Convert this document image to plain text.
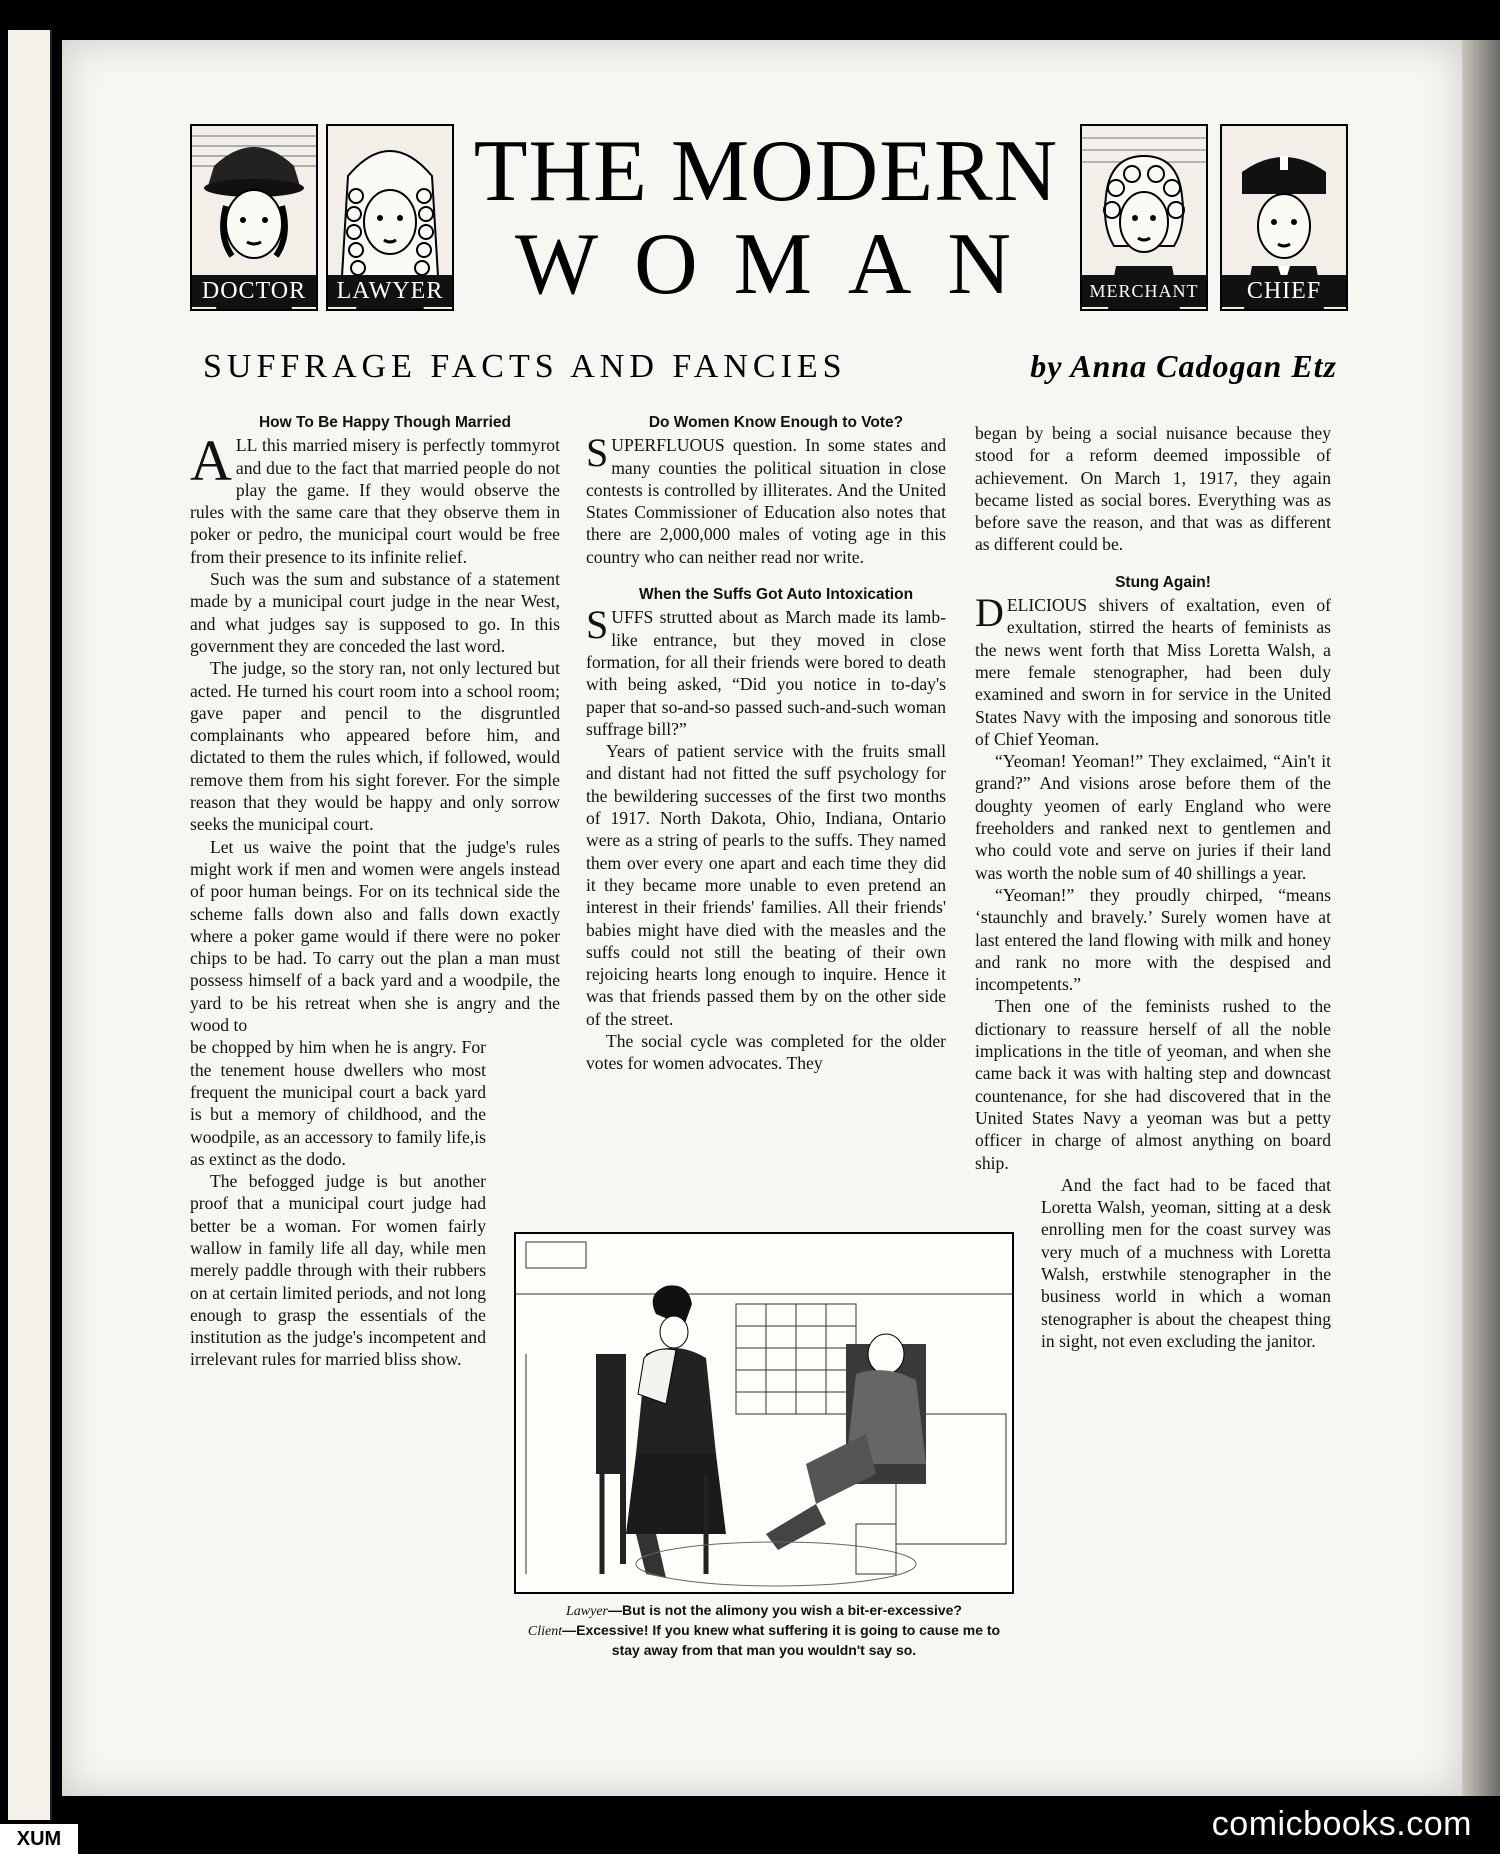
DOCTOR	LAWYER
THE MODERN
WOMAN	MERCHANT	CHIEF
SUFFRAGE FACTS AND FANCIES	by Anna Cadogan Etz

How To Be Happy Though Married

ALL this married misery is perfectly tommyrot and due to the fact that married people do not play the game. If they would observe the rules with the same care that they observe them in poker or pedro, the municipal court would be free from their presence to its infinite relief.

Such was the sum and substance of a statement made by a municipal court judge in the near West, and what judges say is supposed to go. In this government they are conceded the last word.

The judge, so the story ran, not only lectured but acted. He turned his court room into a school room; gave paper and pencil to the disgruntled complainants who appeared before him, and dictated to them the rules which, if followed, would remove them from his sight forever. For the simple reason that they would be happy and only sorrow seeks the municipal court.

Let us waive the point that the judge's rules might work if men and women were angels instead of poor human beings. For on its technical side the scheme falls down also and falls down exactly where a poker game would if there were no poker chips to be had. To carry out the plan a man must possess himself of a back yard and a woodpile, the yard to be his retreat when she is angry and the wood to

be chopped by him when he is angry. For the tenement house dwellers who most frequent the municipal court a back yard is but a memory of childhood, and the woodpile, as an accessory to family life,is as extinct as the dodo.

The befogged judge is but another proof that a municipal court judge had better be a woman. For women fairly wallow in family life all day, while men merely paddle through with their rubbers on at certain limited periods, and not long enough to grasp the essentials of the institution as the judge's incompetent and irrelevant rules for married bliss show.

Do Women Know Enough to Vote?

SUPERFLUOUS question. In some states and many counties the political situation in close contests is controlled by illiterates. And the United States Commissioner of Education also notes that there are 2,000,000 males of voting age in this country who can neither read nor write.

When the Suffs Got Auto Intoxication

SUFFS strutted about as March made its lamb-like entrance, but they moved in close formation, for all their friends were bored to death with being asked, “Did you notice in to-day's paper that so-and-so passed such-and-such woman suffrage bill?”

Years of patient service with the fruits small and distant had not fitted the suff psychology for the bewildering successes of the first two months of 1917. North Dakota, Ohio, Indiana, Ontario were as a string of pearls to the suffs. They named them over every one apart and each time they did it they became more unable to even pretend an interest in their friends' families. All their friends' babies might have died with the measles and the suffs could not still the beating of their own rejoicing hearts long enough to inquire. Hence it was that friends passed them by on the other side of the street.

The social cycle was completed for the older votes for women advocates. They

began by being a social nuisance because they stood for a reform deemed impossible of achievement. On March 1, 1917, they again became listed as social bores. Everything was as before save the reason, and that was as different as different could be.

Stung Again!

DELICIOUS shivers of exaltation, even of exultation, stirred the hearts of feminists as the news went forth that Miss Loretta Walsh, a mere female stenographer, had been duly examined and sworn in for service in the United States Navy with the imposing and sonorous title of Chief Yeoman.

“Yeoman! Yeoman!” They exclaimed, “Ain't it grand?” And visions arose before them of the doughty yeomen of early England who were freeholders and ranked next to gentlemen and who could vote and serve on juries if their land was worth the noble sum of 40 shillings a year.

“Yeoman!” they proudly chirped, “means ‘staunchly and bravely.’ Surely women have at last entered the land flowing with milk and honey and rank no more with the despised and incompetents.”

Then one of the feminists rushed to the dictionary to reassure herself of all the noble implications in the title of yeoman, and when she came back it was with halting step and downcast countenance, for she had discovered that in the United States Navy a yeoman was but a petty officer in charge of almost anything on board ship.

And the fact had to be faced that Loretta Walsh, yeoman, sitting at a desk enrolling men for the coast survey was very much of a muchness with Loretta Walsh, erstwhile stenographer in the business world in which a woman stenographer is about the cheapest thing in sight, not even excluding the janitor.

Lawyer—But is not the alimony you wish a bit-er-excessive?
Client—Excessive! If you knew what suffering it is going to cause me to stay away from that man you wouldn't say so.
comicbooks.com
XUM
